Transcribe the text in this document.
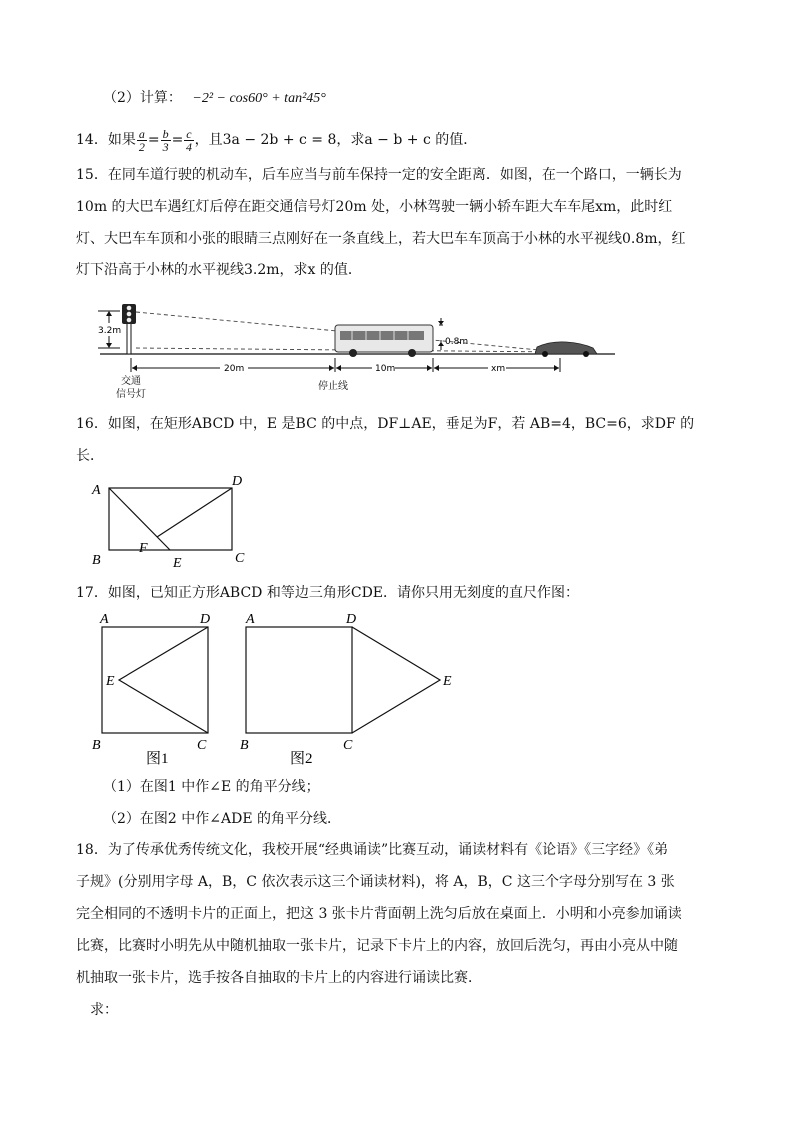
（2）计算： −2² − cos60° + tan²45°
14．如果 $\frac{a}{2} = \frac{b}{3} = \frac{c}{4}$ ，且3a − 2b + c = 8，求a − b + c 的值．
15．在同车道行驶的机动车，后车应当与前车保持一定的安全距离．如图，在一个路口，一辆长为
10m 的大巴车遇红灯后停在距交通信号灯20m 处，小林驾驶一辆小轿车距大车车尾xm，此时红
灯、大巴车车顶和小张的眼睛三点刚好在一条直线上，若大巴车车顶高于小林的水平视线0.8m，红
灯下沿高于小林的水平视线3.2m，求x 的值．
3.2m
0.8m
20m	10m	xm
交通
信号灯
停止线
16．如图，在矩形ABCD 中，E 是BC 的中点，DF⊥AE，垂足为F，若 AB=4，BC=6，求DF 的
长．
A
D
B	C
F
E
17．如图，已知正方形ABCD 和等边三角形CDE．请你只用无刻度的直尺作图：
A	D
E
B	C
图1
A	D
E
B	C
图2
（1）在图1 中作∠E 的角平分线；
（2）在图2 中作∠ADE 的角平分线．
18．为了传承优秀传统文化，我校开展“经典诵读”比赛互动，诵读材料有《论语》《三字经》《弟
子规》(分别用字母 A，B，C 依次表示这三个诵读材料)，将 A，B，C 这三个字母分别写在 3 张
完全相同的不透明卡片的正面上，把这 3 张卡片背面朝上洗匀后放在桌面上．小明和小亮参加诵读
比赛，比赛时小明先从中随机抽取一张卡片，记录下卡片上的内容，放回后洗匀，再由小亮从中随
机抽取一张卡片，选手按各自抽取的卡片上的内容进行诵读比赛．
求：
